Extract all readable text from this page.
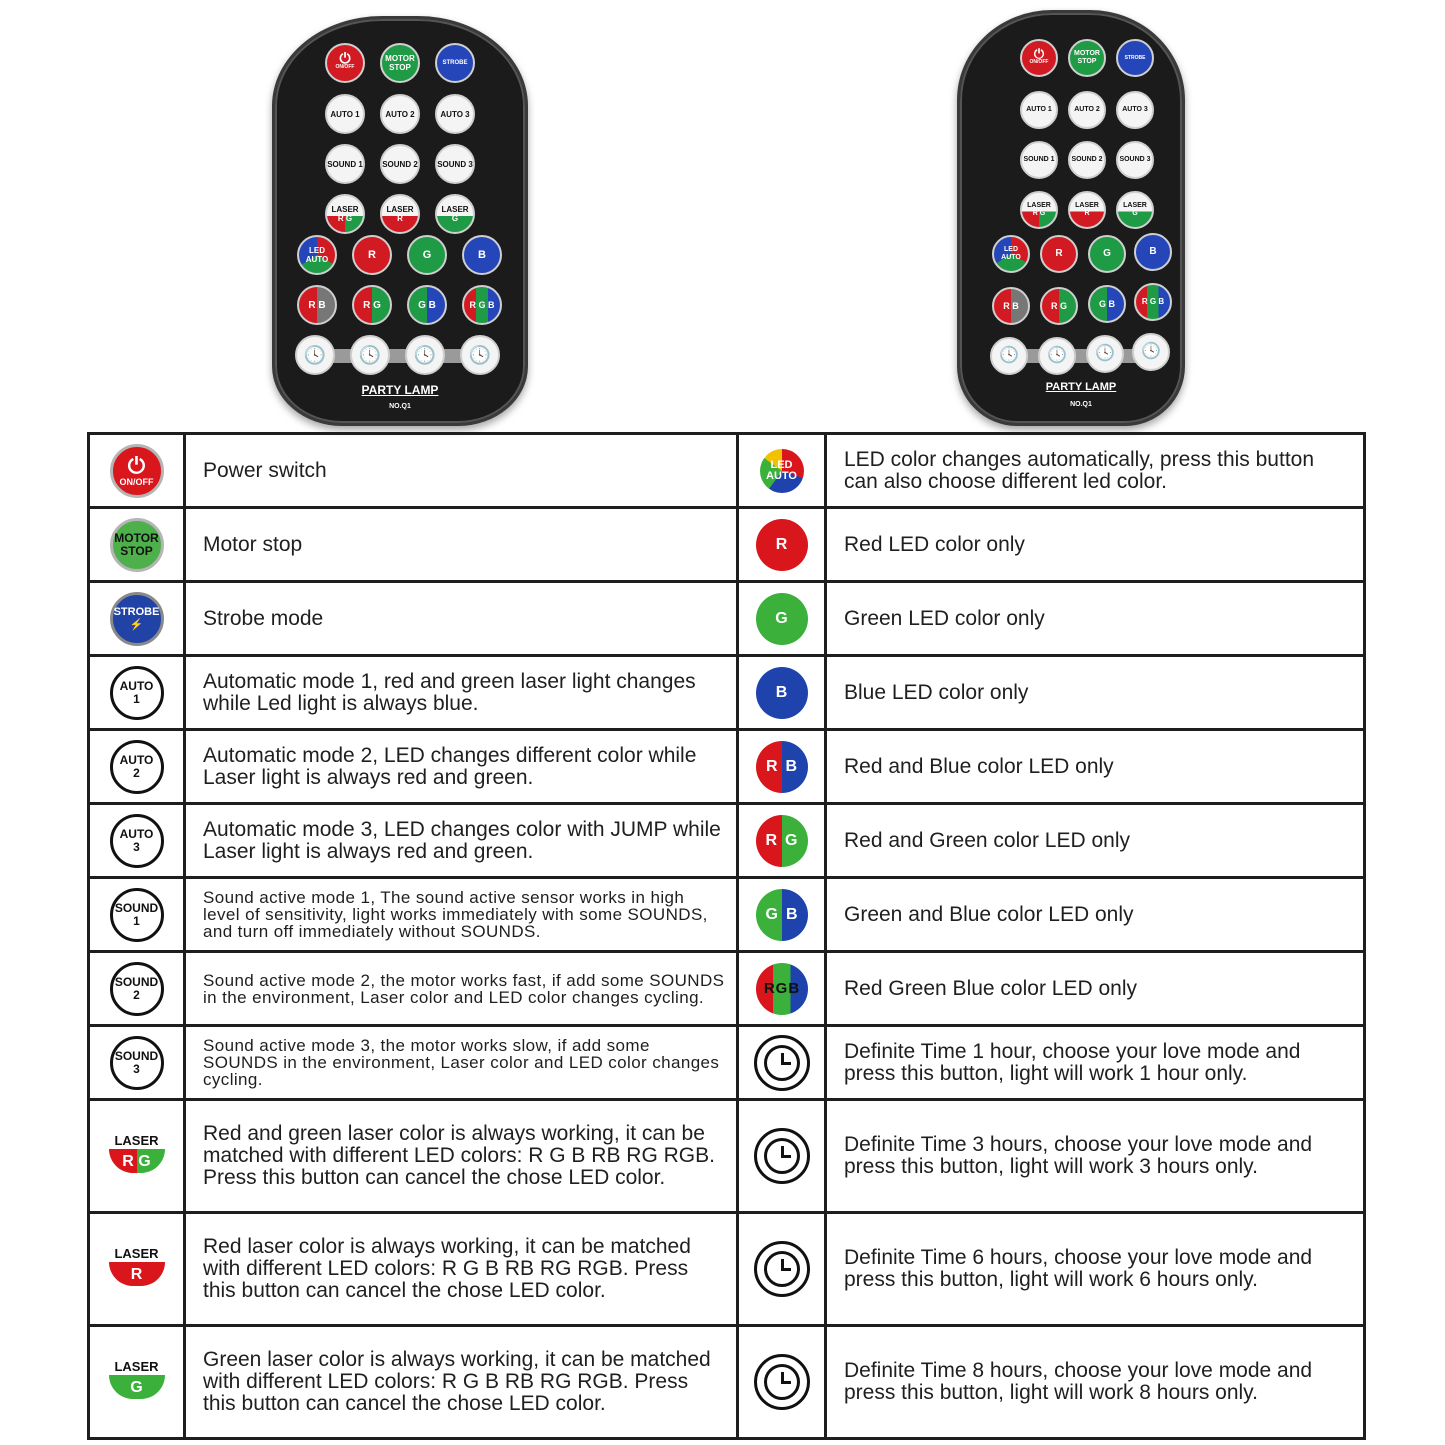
⏻
ON/OFF
MOTOR STOP
STROBE
AUTO 1	AUTO 2	AUTO 3
SOUND 1 SOUND 2 SOUND 3
LASER
R G
LASER
R
LASER
G
LED AUTO	R	G	B
R B	R G	G B	R G B
🕓 🕓 🕓 🕓
PARTY LAMP
NO.Q1
⏻
ON/OFF
MOTOR STOP	STROBE
AUTO 1	AUTO 2	AUTO 3
SOUND 1 SOUND 2 SOUND 3
LASER
R G
LASER
R
LASER
G
LED AUTO	R	G	B
R B	R G	G B	R G B
🕓 🕓 🕓 🕓
PARTY LAMP
NO.Q1
⏻
ON/OFF	Power switch	LED AUTO	LED color changes automatically, press this button can also choose different led color.

MOTOR
STOP	Motor stop	R	Red LED color only

STROBE
⚡	Strobe mode	G	Green LED color only

AUTO
1	Automatic mode 1, red and green laser light changes while Led light is always blue.	B	Blue LED color only

AUTO
2	Automatic mode 2, LED changes different color while Laser light is always red and green.	R B	Red and Blue color LED only

AUTO
3	Automatic mode 3, LED changes color with JUMP while Laser light is always red and green.	R G	Red and Green color LED only

SOUND
1	Sound active mode 1, The sound active sensor works in high level of sensitivity, light works immediately with some SOUNDS, and turn off immediately without SOUNDS.	G B	Green and Blue color LED only

SOUND
2	Sound active mode 2, the motor works fast, if add some SOUNDS in the environment, Laser color and LED color changes cycling.	R G B	Red Green Blue color LED only

SOUND
3	Sound active mode 3, the motor works slow, if add some SOUNDS in the environment, Laser color and LED color changes cycling.		Definite Time 1 hour, choose your love mode and press this button, light will work 1 hour only.

LASER
R G	Red and green laser color is always working, it can be matched with different LED colors: R G B RB RG RGB. Press this button can cancel the chose LED color.		Definite Time 3 hours, choose your love mode and press this button, light will work 3 hours only.

LASER
R	Red laser color is always working, it can be matched with different LED colors: R G B RB RG RGB. Press this button can cancel the chose LED color.		Definite Time 6 hours, choose your love mode and press this button, light will work 6 hours only.

LASER
G	Green laser color is always working, it can be matched with different LED colors: R G B RB RG RGB. Press this button can cancel the chose LED color.		Definite Time 8 hours, choose your love mode and press this button, light will work 8 hours only.
